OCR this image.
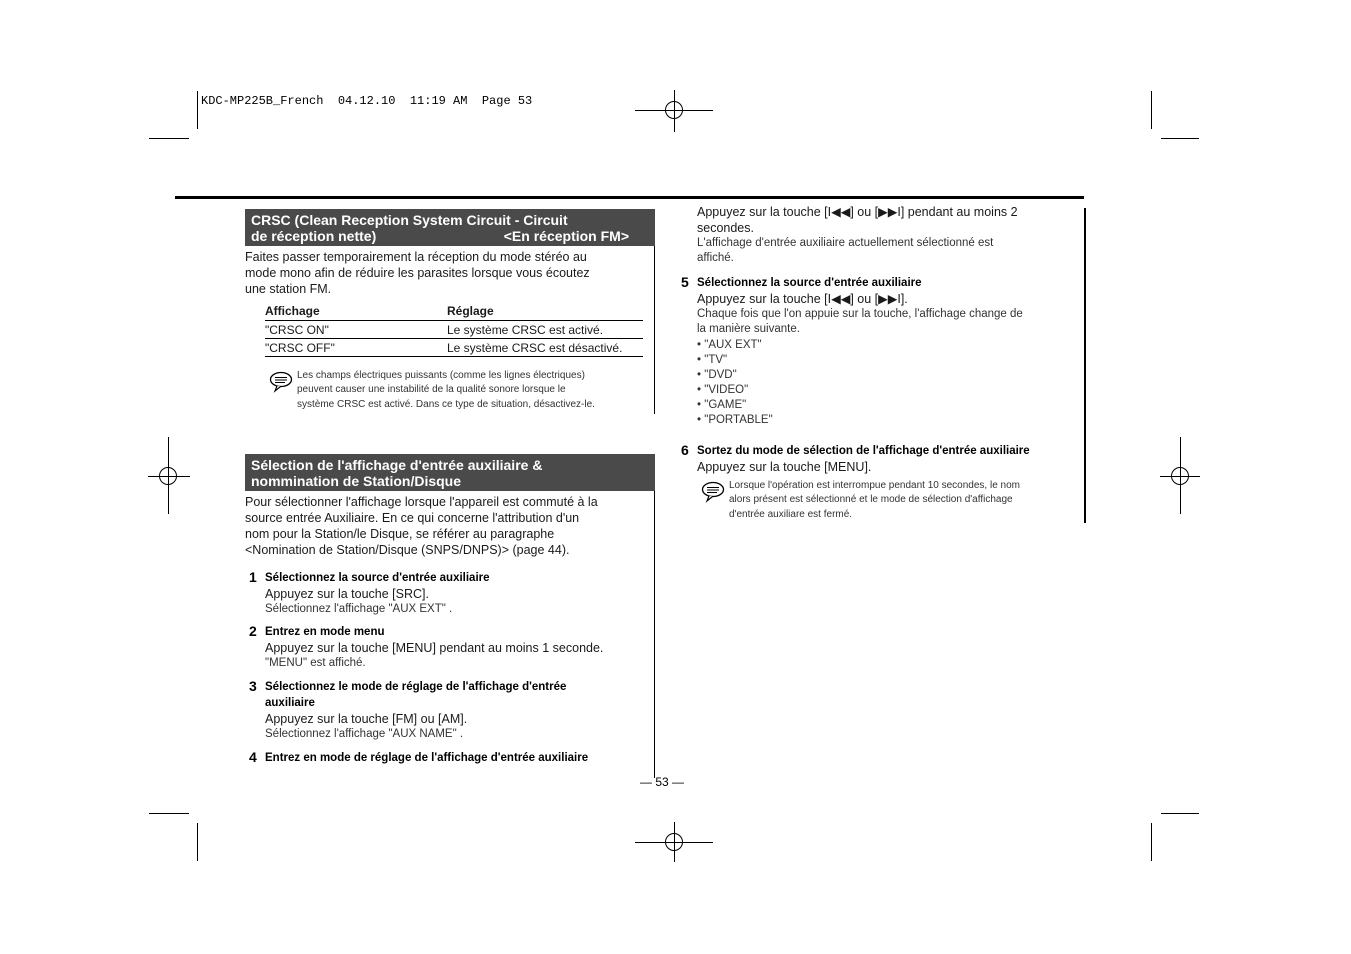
KDC-MP225B_French  04.12.10  11:19 AM  Page 53
CRSC (Clean Reception System Circuit - Circuit
de réception nette)	<En réception FM>
Faites passer temporairement la réception du mode stéréo au
mode mono afin de réduire les parasites lorsque vous écoutez
une station FM.
Affichage	Réglage
"CRSC ON"	Le système CRSC est activé.
"CRSC OFF"	Le système CRSC est désactivé.
Les champs électriques puissants (comme les lignes électriques)
peuvent causer une instabilité de la qualité sonore lorsque le
système CRSC est activé. Dans ce type de situation, désactivez-le.
Sélection de l'affichage d'entrée auxiliaire &
nommination de Station/Disque
Pour sélectionner l'affichage lorsque l'appareil est commuté à la
source entrée Auxiliaire. En ce qui concerne l'attribution d'un
nom pour la Station/le Disque, se référer au paragraphe
<Nomination de Station/Disque (SNPS/DNPS)> (page 44).
1 Sélectionnez la source d'entrée auxiliaire
Appuyez sur la touche [SRC].
Sélectionnez l'affichage "AUX EXT" .
2 Entrez en mode menu
Appuyez sur la touche [MENU] pendant au moins 1 seconde.
"MENU" est affiché.
3 Sélectionnez le mode de réglage de l'affichage d'entrée
auxiliaire
Appuyez sur la touche [FM] ou [AM].
Sélectionnez l'affichage "AUX NAME" .
4 Entrez en mode de réglage de l'affichage d'entrée auxiliaire
— 53 —
Appuyez sur la touche [I◀◀] ou [▶▶I] pendant au moins 2
secondes.
L'affichage d'entrée auxiliaire actuellement sélectionné est
affiché.
5 Sélectionnez la source d'entrée auxiliaire
Appuyez sur la touche [I◀◀] ou [▶▶I].
Chaque fois que l'on appuie sur la touche, l'affichage change de
la manière suivante.
• "AUX EXT"
• "TV"
• "DVD"
• "VIDEO"
• "GAME"
• "PORTABLE"
6 Sortez du mode de sélection de l'affichage d'entrée auxiliaire
Appuyez sur la touche [MENU].
Lorsque l'opération est interrompue pendant 10 secondes, le nom
alors présent est sélectionné et le mode de sélection d'affichage
d'entrée auxiliare est fermé.
